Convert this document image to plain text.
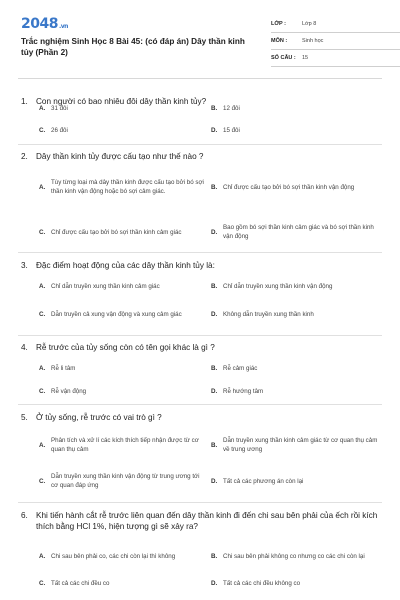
2048.vn
Trắc nghiệm Sinh Học 8 Bài 45: (có đáp án) Dây thần kinh tủy (Phần 2)
LỚP :	Lớp 8
MÔN :	Sinh học
SỐ CÂU :	15
1. Con người có bao nhiêu đôi dây thần kinh tủy?
A. 31 đôi	B. 12 đôi
C. 26 đôi	D. 15 đôi
2. Dây thần kinh tủy được cấu tạo như thế nào ?
A.
Tùy từng loại mà dây thần kinh được cấu tạo bởi bó sợi thần kinh vận động hoặc bó sợi cảm giác.
B. Chỉ được cấu tạo bởi bó sợi thần kinh vận động
C. Chỉ được cấu tạo bởi bó sợi thần kinh cảm giác	D.
Bao gồm bó sợi thần kinh cảm giác và bó sợi thần kinh vận động
3. Đặc điểm hoạt động của các dây thần kinh tủy là:
A. Chỉ dẫn truyền xung thần kinh cảm giác	B. Chỉ dẫn truyền xung thần kinh vận động
C. Dẫn truyền cả xung vận động và xung cảm giác	D. Không dẫn truyền xung thần kinh
4. Rễ trước của tủy sống còn có tên gọi khác là gì ?
A. Rễ li tâm	B. Rễ cảm giác
C. Rễ vận động	D. Rễ hướng tâm
5. Ở tủy sống, rễ trước có vai trò gì ?
A.
Phân tích và xử lí các kích thích tiếp nhận được từ cơ quan thụ cảm
B.
Dẫn truyền xung thần kinh cảm giác từ cơ quan thụ cảm về trung ương
C.
Dẫn truyền xung thần kinh vận động từ trung ương tới cơ quan đáp ứng
D. Tất cả các phương án còn lại
6. Khi tiến hành cắt rễ trước liên quan đến dây thần kinh đi đến chi sau bên phải của ếch rồi kích thích bằng HCl 1%, hiện tượng gì sẽ xảy ra?
A. Chi sau bên phải co, các chi còn lại thì không	B. Chi sau bên phải không co nhưng co các chi còn lại
C. Tất cả các chi đều co	D. Tất cả các chi đều không co
